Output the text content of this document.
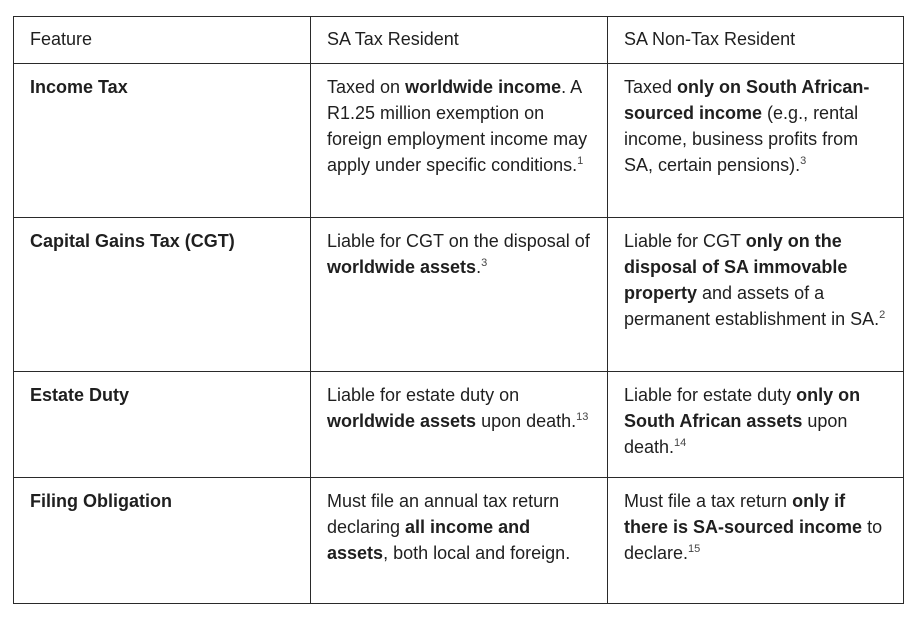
Feature	SA Tax Resident	SA Non-Tax Resident
Income Tax	Taxed on worldwide income. A R1.25 million exemption on foreign employment income may apply under specific conditions.$^1$	Taxed only on South African-sourced income (e.g., rental income, business profits from SA, certain pensions).$^3$
Capital Gains Tax (CGT)	Liable for CGT on the disposal of worldwide assets.$^3$	Liable for CGT only on the disposal of SA immovable property and assets of a permanent establishment in SA.$^2$
Estate Duty	Liable for estate duty on worldwide assets upon death.$^{13}$	Liable for estate duty only on South African assets upon death.$^{14}$
Filing Obligation	Must file an annual tax return declaring all income and assets, both local and foreign.	Must file a tax return only if there is SA-sourced income to declare.$^{15}$
